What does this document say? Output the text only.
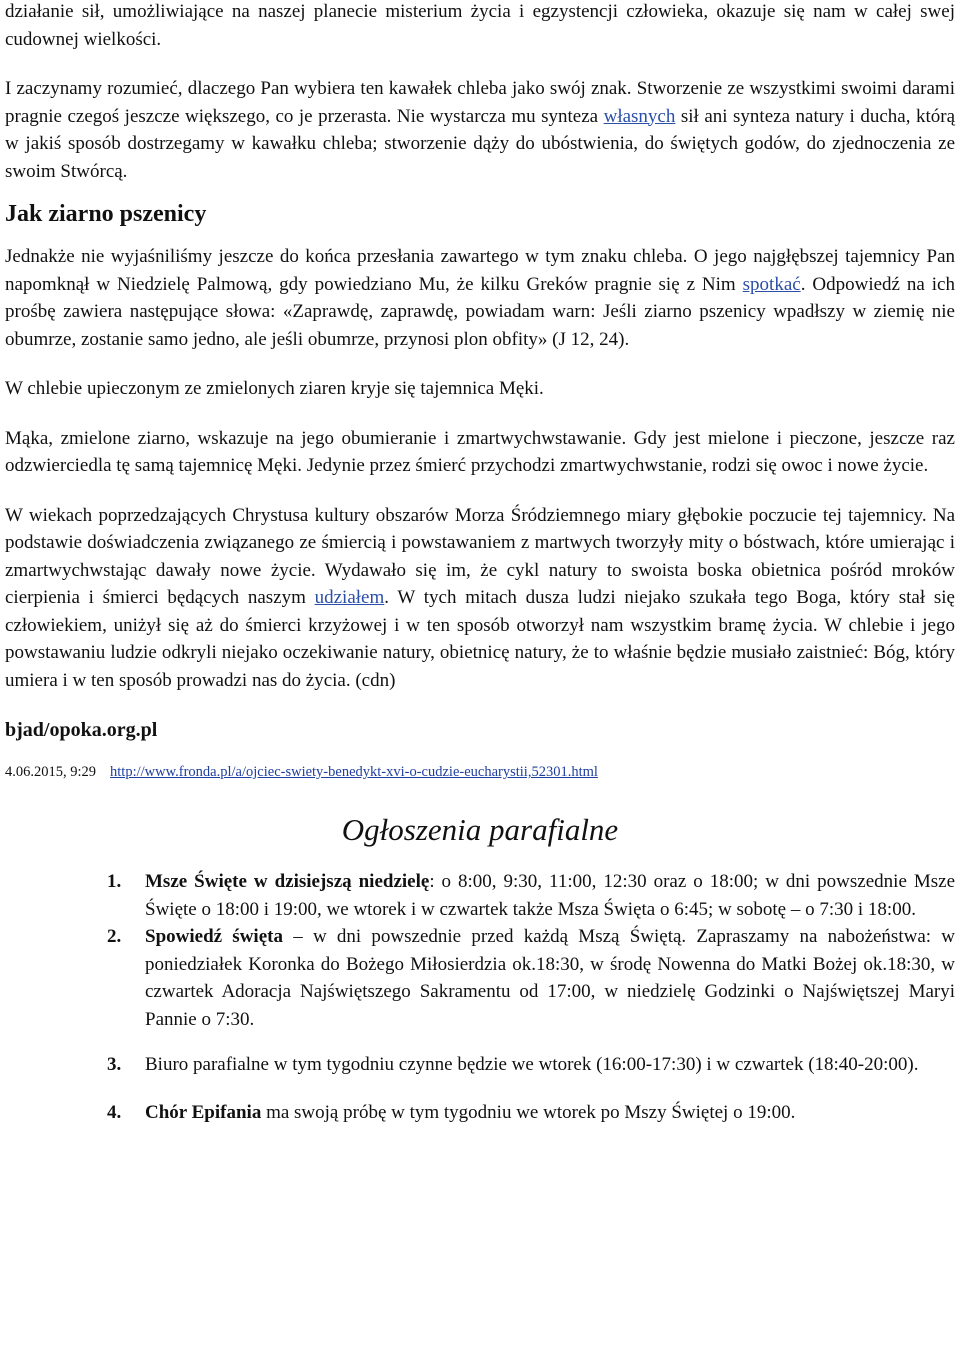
działanie sił, umożliwiające na naszej planecie misterium życia i egzystencji człowieka, okazuje się nam w całej swej cudownej wielkości.

I zaczynamy rozumieć, dlaczego Pan wybiera ten kawałek chleba jako swój znak. Stworzenie ze wszystkimi swoimi darami pragnie czegoś jeszcze większego, co je przerasta. Nie wystarcza mu synteza własnych sił ani synteza natury i ducha, którą w jakiś sposób dostrzegamy w kawałku chleba; stworzenie dąży do ubóstwienia, do świętych godów, do zjednoczenia ze swoim Stwórcą.

Jak ziarno pszenicy

Jednakże nie wyjaśniliśmy jeszcze do końca przesłania zawartego w tym znaku chleba. O jego najgłębszej tajemnicy Pan napomknął w Niedzielę Palmową, gdy powiedziano Mu, że kilku Greków pragnie się z Nim spotkać. Odpowiedź na ich prośbę zawiera następujące słowa: «Zaprawdę, zaprawdę, powiadam warn: Jeśli ziarno pszenicy wpadłszy w ziemię nie obumrze, zostanie samo jedno, ale jeśli obumrze, przynosi plon obfity» (J 12, 24).

W chlebie upieczonym ze zmielonych ziaren kryje się tajemnica Męki.

Mąka, zmielone ziarno, wskazuje na jego obumieranie i zmartwychwstawanie. Gdy jest mielone i pieczone, jeszcze raz odzwierciedla tę samą tajemnicę Męki. Jedynie przez śmierć przychodzi zmartwychwstanie, rodzi się owoc i nowe życie.

W wiekach poprzedzających Chrystusa kultury obszarów Morza Śródziemnego miary głębokie poczucie tej tajemnicy. Na podstawie doświadczenia związanego ze śmiercią i powstawaniem z martwych tworzyły mity o bóstwach, które umierając i zmartwychwstając dawały nowe życie. Wydawało się im, że cykl natury to swoista boska obietnica pośród mroków cierpienia i śmierci będących naszym udziałem. W tych mitach dusza ludzi niejako szukała tego Boga, który stał się człowiekiem, uniżył się aż do śmierci krzyżowej i w ten sposób otworzył nam wszystkim bramę życia. W chlebie i jego powstawaniu ludzie odkryli niejako oczekiwanie natury, obietnicę natury, że to właśnie będzie musiało zaistnieć: Bóg, który umiera i w ten sposób prowadzi nas do życia. (cdn)

bjad/opoka.org.pl
4.06.2015, 9:29 http://www.fronda.pl/a/ojciec-swiety-benedykt-xvi-o-cudzie-eucharystii,52301.html
Ogłoszenia parafialne
1. Msze Święte w dzisiejszą niedzielę: o 8:00, 9:30, 11:00, 12:30 oraz o 18:00; w dni powszednie Msze Święte o 18:00 i 19:00, we wtorek i w czwartek także Msza Święta o 6:45; w sobotę – o 7:30 i 18:00.
2. Spowiedź święta – w dni powszednie przed każdą Mszą Świętą. Zapraszamy na nabożeństwa: w poniedziałek Koronka do Bożego Miłosierdzia ok.18:30, w środę Nowenna do Matki Bożej ok.18:30, w czwartek Adoracja Najświętszego Sakramentu od 17:00, w niedzielę Godzinki o Najświętszej Maryi Pannie o 7:30.
3. Biuro parafialne w tym tygodniu czynne będzie we wtorek (16:00-17:30) i w czwartek (18:40-20:00).
4. Chór Epifania ma swoją próbę w tym tygodniu we wtorek po Mszy Świętej o 19:00.
